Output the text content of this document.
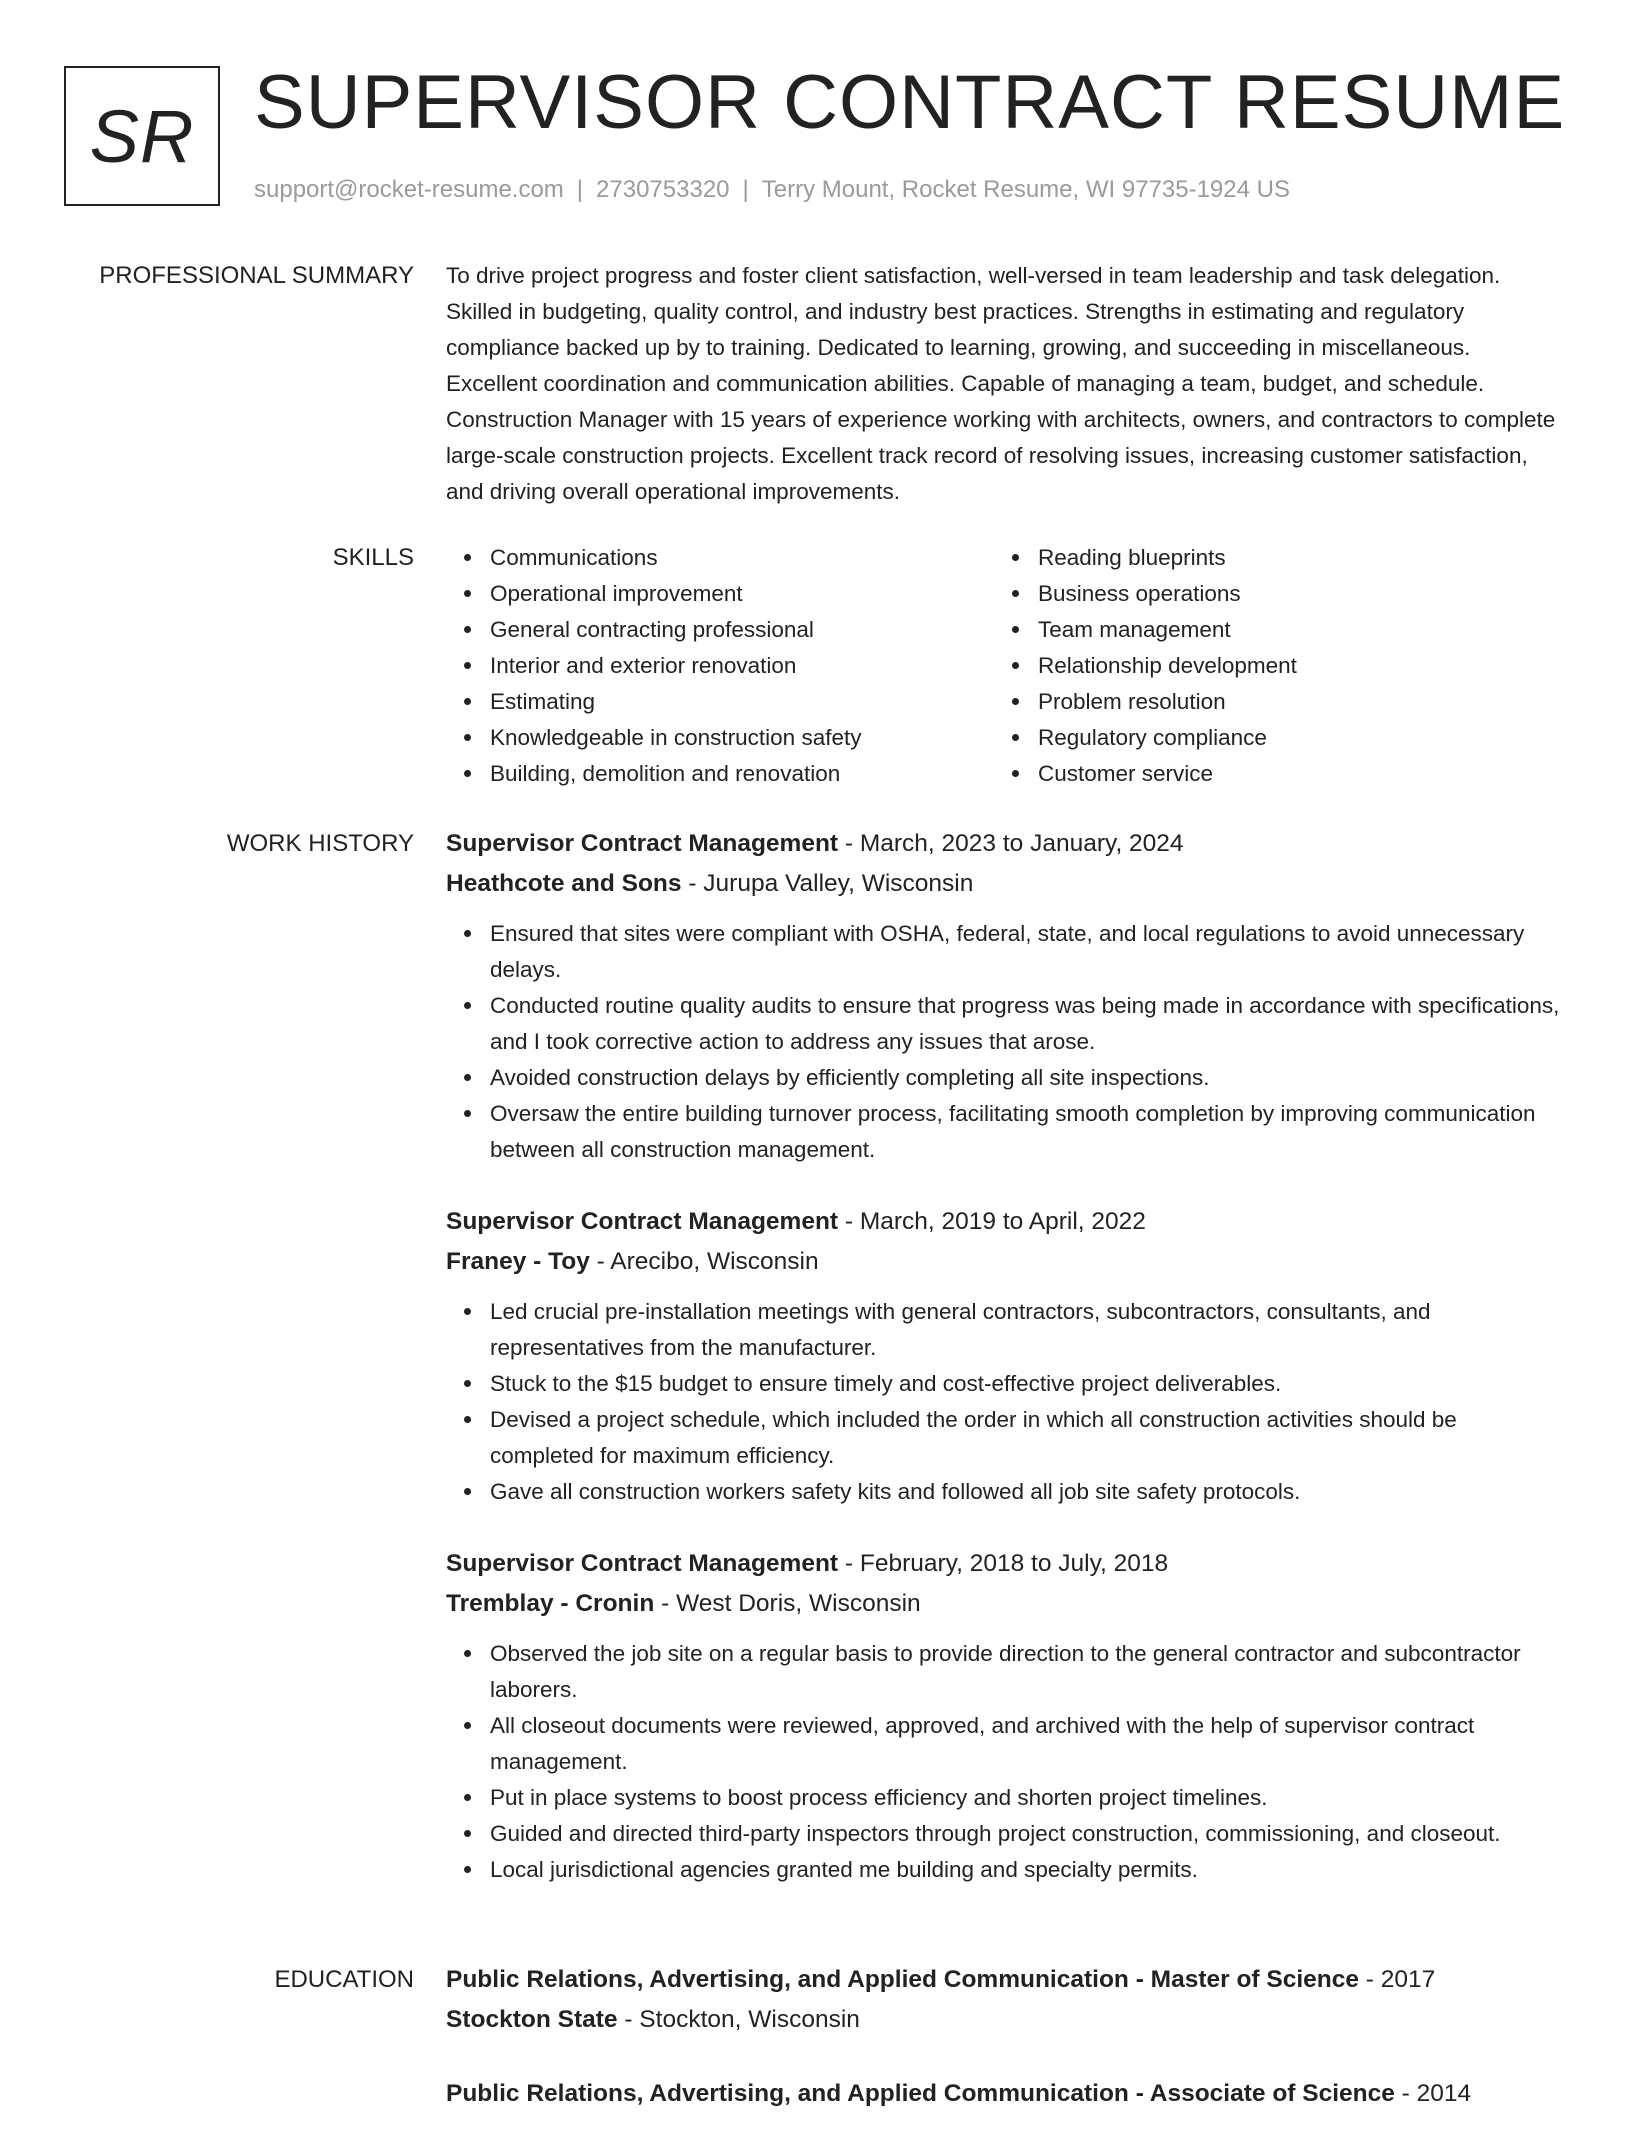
SR SUPERVISOR CONTRACT RESUME
support@rocket-resume.com | 2730753320 | Terry Mount, Rocket Resume, WI 97735-1924 US
PROFESSIONAL SUMMARY To drive project progress and foster client satisfaction, well-versed in team leadership and task delegation. Skilled in budgeting, quality control, and industry best practices. Strengths in estimating and regulatory compliance backed up by to training. Dedicated to learning, growing, and succeeding in miscellaneous. Excellent coordination and communication abilities. Capable of managing a team, budget, and schedule. Construction Manager with 15 years of experience working with architects, owners, and contractors to complete large-scale construction projects. Excellent track record of resolving issues, increasing customer satisfaction, and driving overall operational improvements.

SKILLS	Communications
Operational improvement
General contracting professional
Interior and exterior renovation
Estimating
Knowledgeable in construction safety
Building, demolition and renovation
Reading blueprints
Business operations
Team management
Relationship development
Problem resolution
Regulatory compliance
Customer service
WORK HISTORY Supervisor Contract Management - March, 2023 to January, 2024
Heathcote and Sons - Jurupa Valley, Wisconsin
Ensured that sites were compliant with OSHA, federal, state, and local regulations to avoid unnecessary delays.
Conducted routine quality audits to ensure that progress was being made in accordance with specifications, and I took corrective action to address any issues that arose.
Avoided construction delays by efficiently completing all site inspections.
Oversaw the entire building turnover process, facilitating smooth completion by improving communication between all construction management.
Supervisor Contract Management - March, 2019 to April, 2022
Franey - Toy - Arecibo, Wisconsin
Led crucial pre-installation meetings with general contractors, subcontractors, consultants, and representatives from the manufacturer.
Stuck to the $15 budget to ensure timely and cost-effective project deliverables.
Devised a project schedule, which included the order in which all construction activities should be completed for maximum efficiency.
Gave all construction workers safety kits and followed all job site safety protocols.
Supervisor Contract Management - February, 2018 to July, 2018
Tremblay - Cronin - West Doris, Wisconsin
Observed the job site on a regular basis to provide direction to the general contractor and subcontractor laborers.
All closeout documents were reviewed, approved, and archived with the help of supervisor contract management.
Put in place systems to boost process efficiency and shorten project timelines.
Guided and directed third-party inspectors through project construction, commissioning, and closeout.
Local jurisdictional agencies granted me building and specialty permits.
EDUCATION Public Relations, Advertising, and Applied Communication - Master of Science - 2017
Stockton State - Stockton, Wisconsin
Public Relations, Advertising, and Applied Communication - Associate of Science - 2014
